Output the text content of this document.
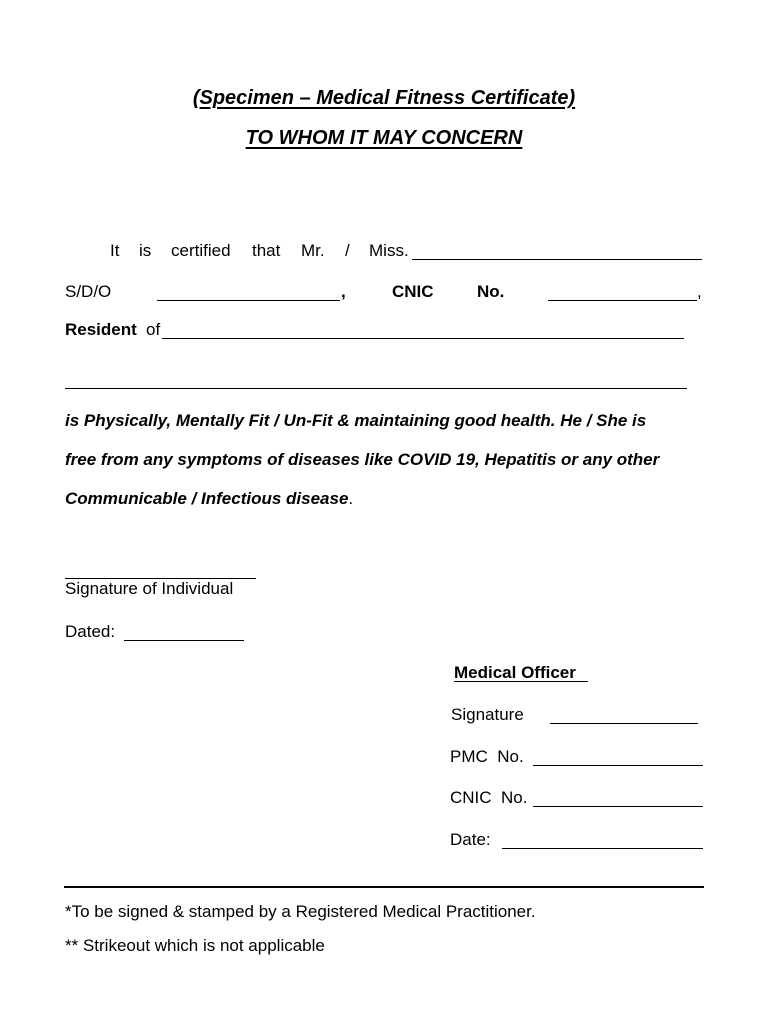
(Specimen – Medical Fitness Certificate)
TO WHOM IT MAY CONCERN
It is certified that Mr. / Miss.
S/D/O	,	CNIC	No.	,
Resident of
is Physically, Mentally Fit / Un-Fit & maintaining good health. He / She is
free from any symptoms of diseases like COVID 19, Hepatitis or any other
Communicable / Infectious disease.
Signature of Individual
Dated:
Medical Officer
Signature
PMC  No.
CNIC  No.
Date:
*To be signed & stamped by a Registered Medical Practitioner.
** Strikeout which is not applicable
